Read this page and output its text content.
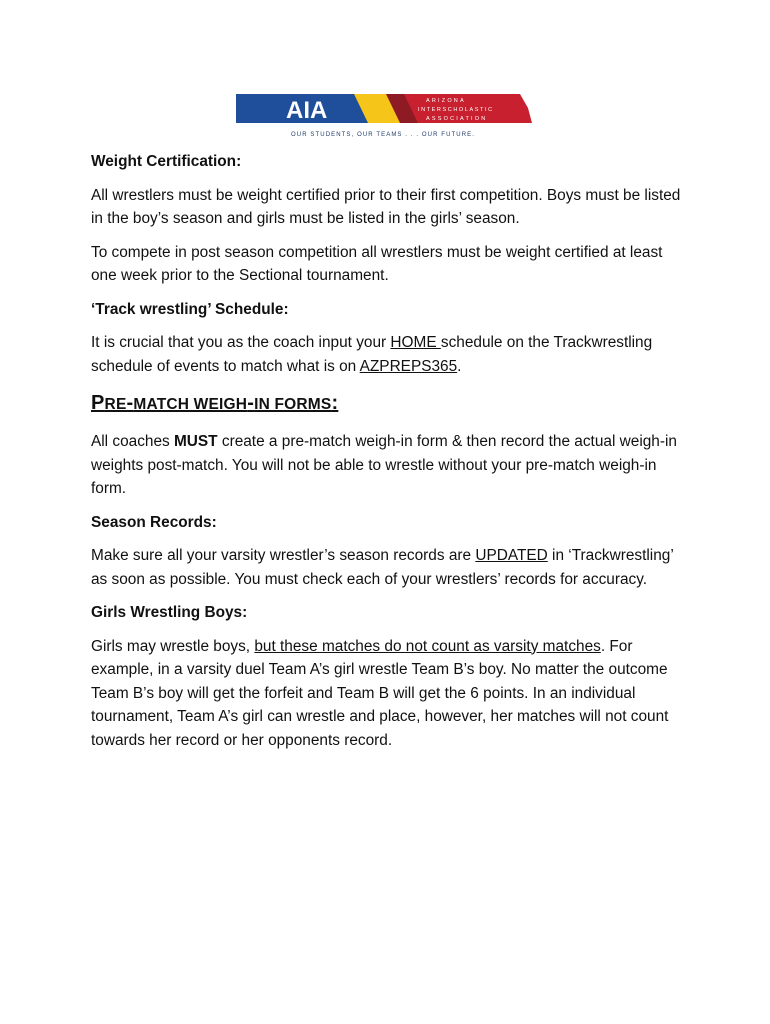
AIA	ARIZONA
INTERSCHOLASTIC
ASSOCIATION
OUR STUDENTS, OUR TEAMS . . . OUR FUTURE.

Weight Certification:

All wrestlers must be weight certified prior to their first competition. Boys must be listed in the boy’s season and girls must be listed in the girls’ season.

To compete in post season competition all wrestlers must be weight certified at least one week prior to the Sectional tournament.

‘Track wrestling’ Schedule:

It is crucial that you as the coach input your HOME schedule on the Trackwrestling schedule of events to match what is on AZPREPS365.

PRE-MATCH WEIGH-IN FORMS:

All coaches MUST create a pre-match weigh-in form & then record the actual weigh-in weights post-match. You will not be able to wrestle without your pre-match weigh-in form.

Season Records:

Make sure all your varsity wrestler’s season records are UPDATED in ‘Trackwrestling’ as soon as possible. You must check each of your wrestlers’ records for accuracy.

Girls Wrestling Boys:

Girls may wrestle boys, but these matches do not count as varsity matches. For example, in a varsity duel Team A’s girl wrestle Team B’s boy. No matter the outcome Team B’s boy will get the forfeit and Team B will get the 6 points. In an individual tournament, Team A’s girl can wrestle and place, however, her matches will not count towards her record or her opponents record.
